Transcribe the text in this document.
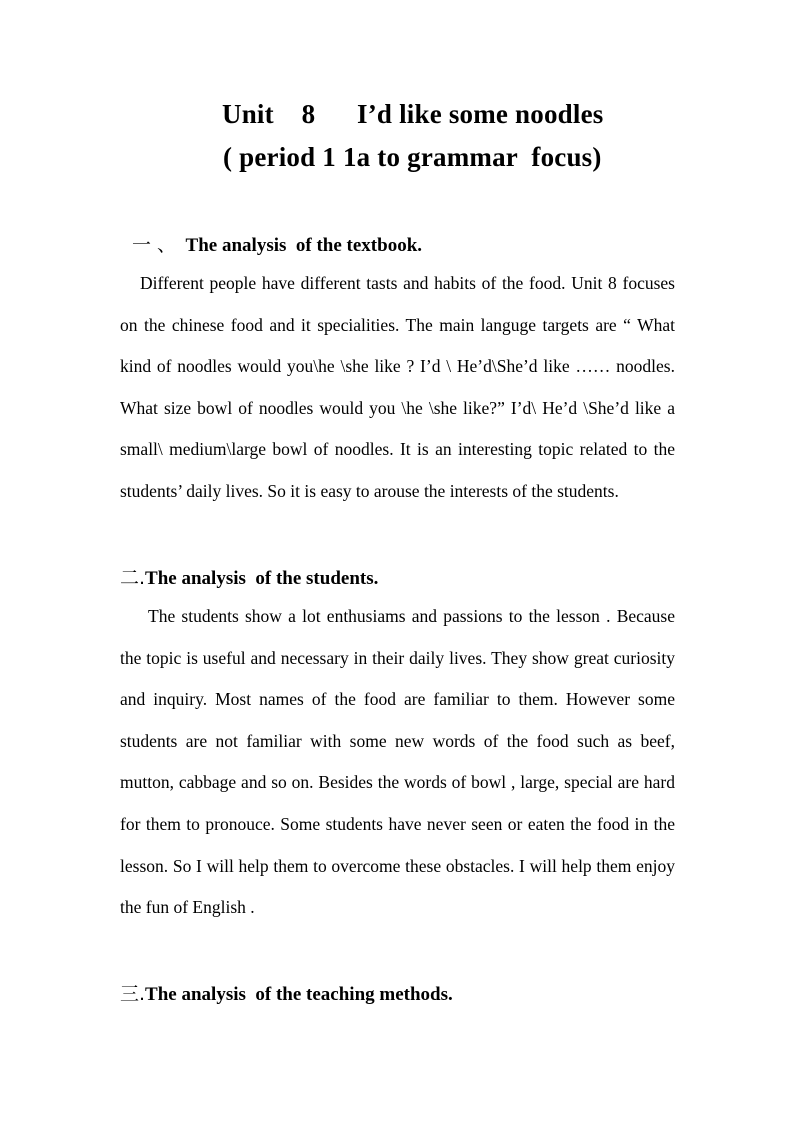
Unit    8      I’d like some noodles
( period 1 1a to grammar  focus)
一 、 The analysis  of the textbook.
Different people have different tasts and habits of the food. Unit 8 focuses on the chinese food and it specialities. The main languge targets are “ What kind of noodles would you\he \she like ? I’d \ He’d\She’d like …… noodles. What size bowl of noodles would you \he \she like?” I’d\ He’d \She’d like a small\ medium\large bowl of noodles. It is an interesting topic related to the students’ daily lives. So it is easy to arouse the interests of the students.
二.The analysis  of the students.
The students show a lot enthusiams and passions to the lesson . Because the topic is useful and necessary in their daily lives. They show great curiosity and inquiry. Most names of the food are familiar to them. However some students are not familiar with some new words of the food such as beef, mutton, cabbage and so on. Besides the words of bowl , large, special are hard for them to pronouce. Some students have never seen or eaten the food in the lesson. So I will help them to overcome these obstacles. I will help them enjoy the fun of English .
三.The analysis  of the teaching methods.
